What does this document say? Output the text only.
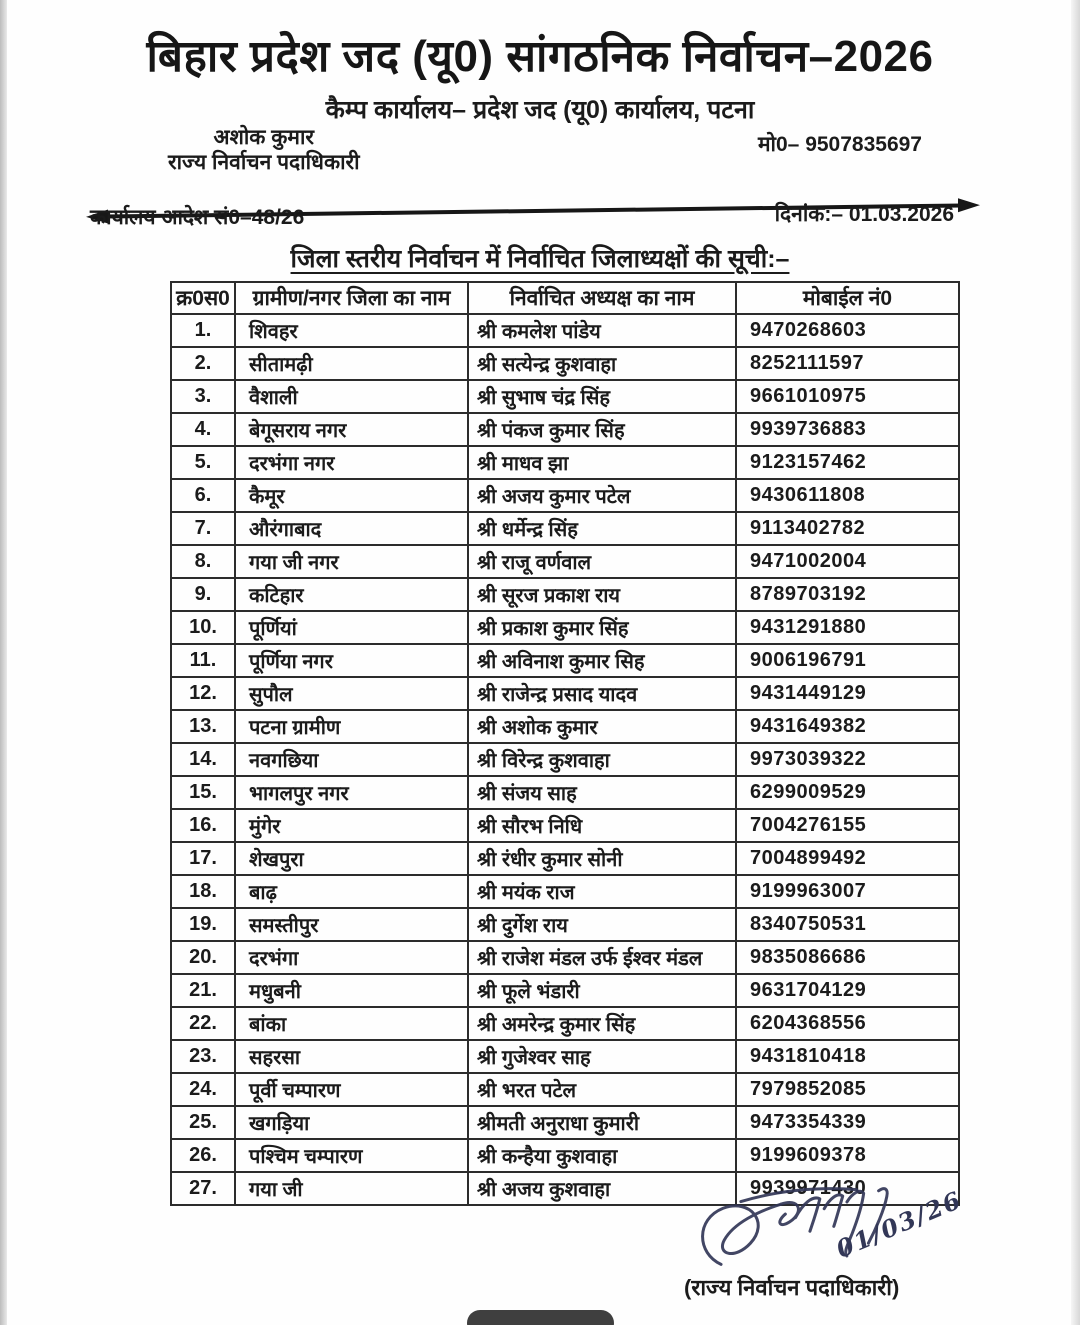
बिहार प्रदेश जद (यू0) सांगठनिक निर्वाचन–2026
कैम्प कार्यालय– प्रदेश जद (यू0) कार्यालय, पटना
अशोक कुमार
राज्य निर्वाचन पदाधिकारी
मो0– 9507835697
कार्यालय आदेश सं0–48/26	दिनांक:– 01.03.2026
जिला स्तरीय निर्वाचन में निर्वाचित जिलाध्यक्षों की सूची:–
क्र0स0	ग्रामीण/नगर जिला का नाम	निर्वाचित अध्यक्ष का नाम	मोबाईल नं0
1.	शिवहर	श्री कमलेश पांडेय	9470268603
2.	सीतामढ़ी	श्री सत्येन्द्र कुशवाहा	8252111597
3.	वैशाली	श्री सुभाष चंद्र सिंह	9661010975
4.	बेगूसराय नगर	श्री पंकज कुमार सिंह	9939736883
5.	दरभंगा नगर	श्री माधव झा	9123157462
6.	कैमूर	श्री अजय कुमार पटेल	9430611808
7.	औरंगाबाद	श्री धर्मेन्द्र सिंह	9113402782
8.	गया जी नगर	श्री राजू वर्णवाल	9471002004
9.	कटिहार	श्री सूरज प्रकाश राय	8789703192
10.	पूर्णियां	श्री प्रकाश कुमार सिंह	9431291880
11.	पूर्णिया नगर	श्री अविनाश कुमार सिह	9006196791
12.	सुपौल	श्री राजेन्द्र प्रसाद यादव	9431449129
13.	पटना ग्रामीण	श्री अशोक कुमार	9431649382
14.	नवगछिया	श्री विरेन्द्र कुशवाहा	9973039322
15.	भागलपुर नगर	श्री संजय साह	6299009529
16.	मुंगेर	श्री सौरभ निधि	7004276155
17.	शेखपुरा	श्री रंधीर कुमार सोनी	7004899492
18.	बाढ़	श्री मयंक राज	9199963007
19.	समस्तीपुर	श्री दुर्गेश राय	8340750531
20.	दरभंगा	श्री राजेश मंडल उर्फ ईश्वर मंडल	9835086686
21.	मधुबनी	श्री फूले भंडारी	9631704129
22.	बांका	श्री अमरेन्द्र कुमार सिंह	6204368556
23.	सहरसा	श्री गुजेश्वर साह	9431810418
24.	पूर्वी चम्पारण	श्री भरत पटेल	7979852085
25.	खगड़िया	श्रीमती अनुराधा कुमारी	9473354339
26.	पश्चिम चम्पारण	श्री कन्हैया कुशवाहा	9199609378
27.	गया जी	श्री अजय कुशवाहा	9939971430
01/03/26
(राज्य निर्वाचन पदाधिकारी)
